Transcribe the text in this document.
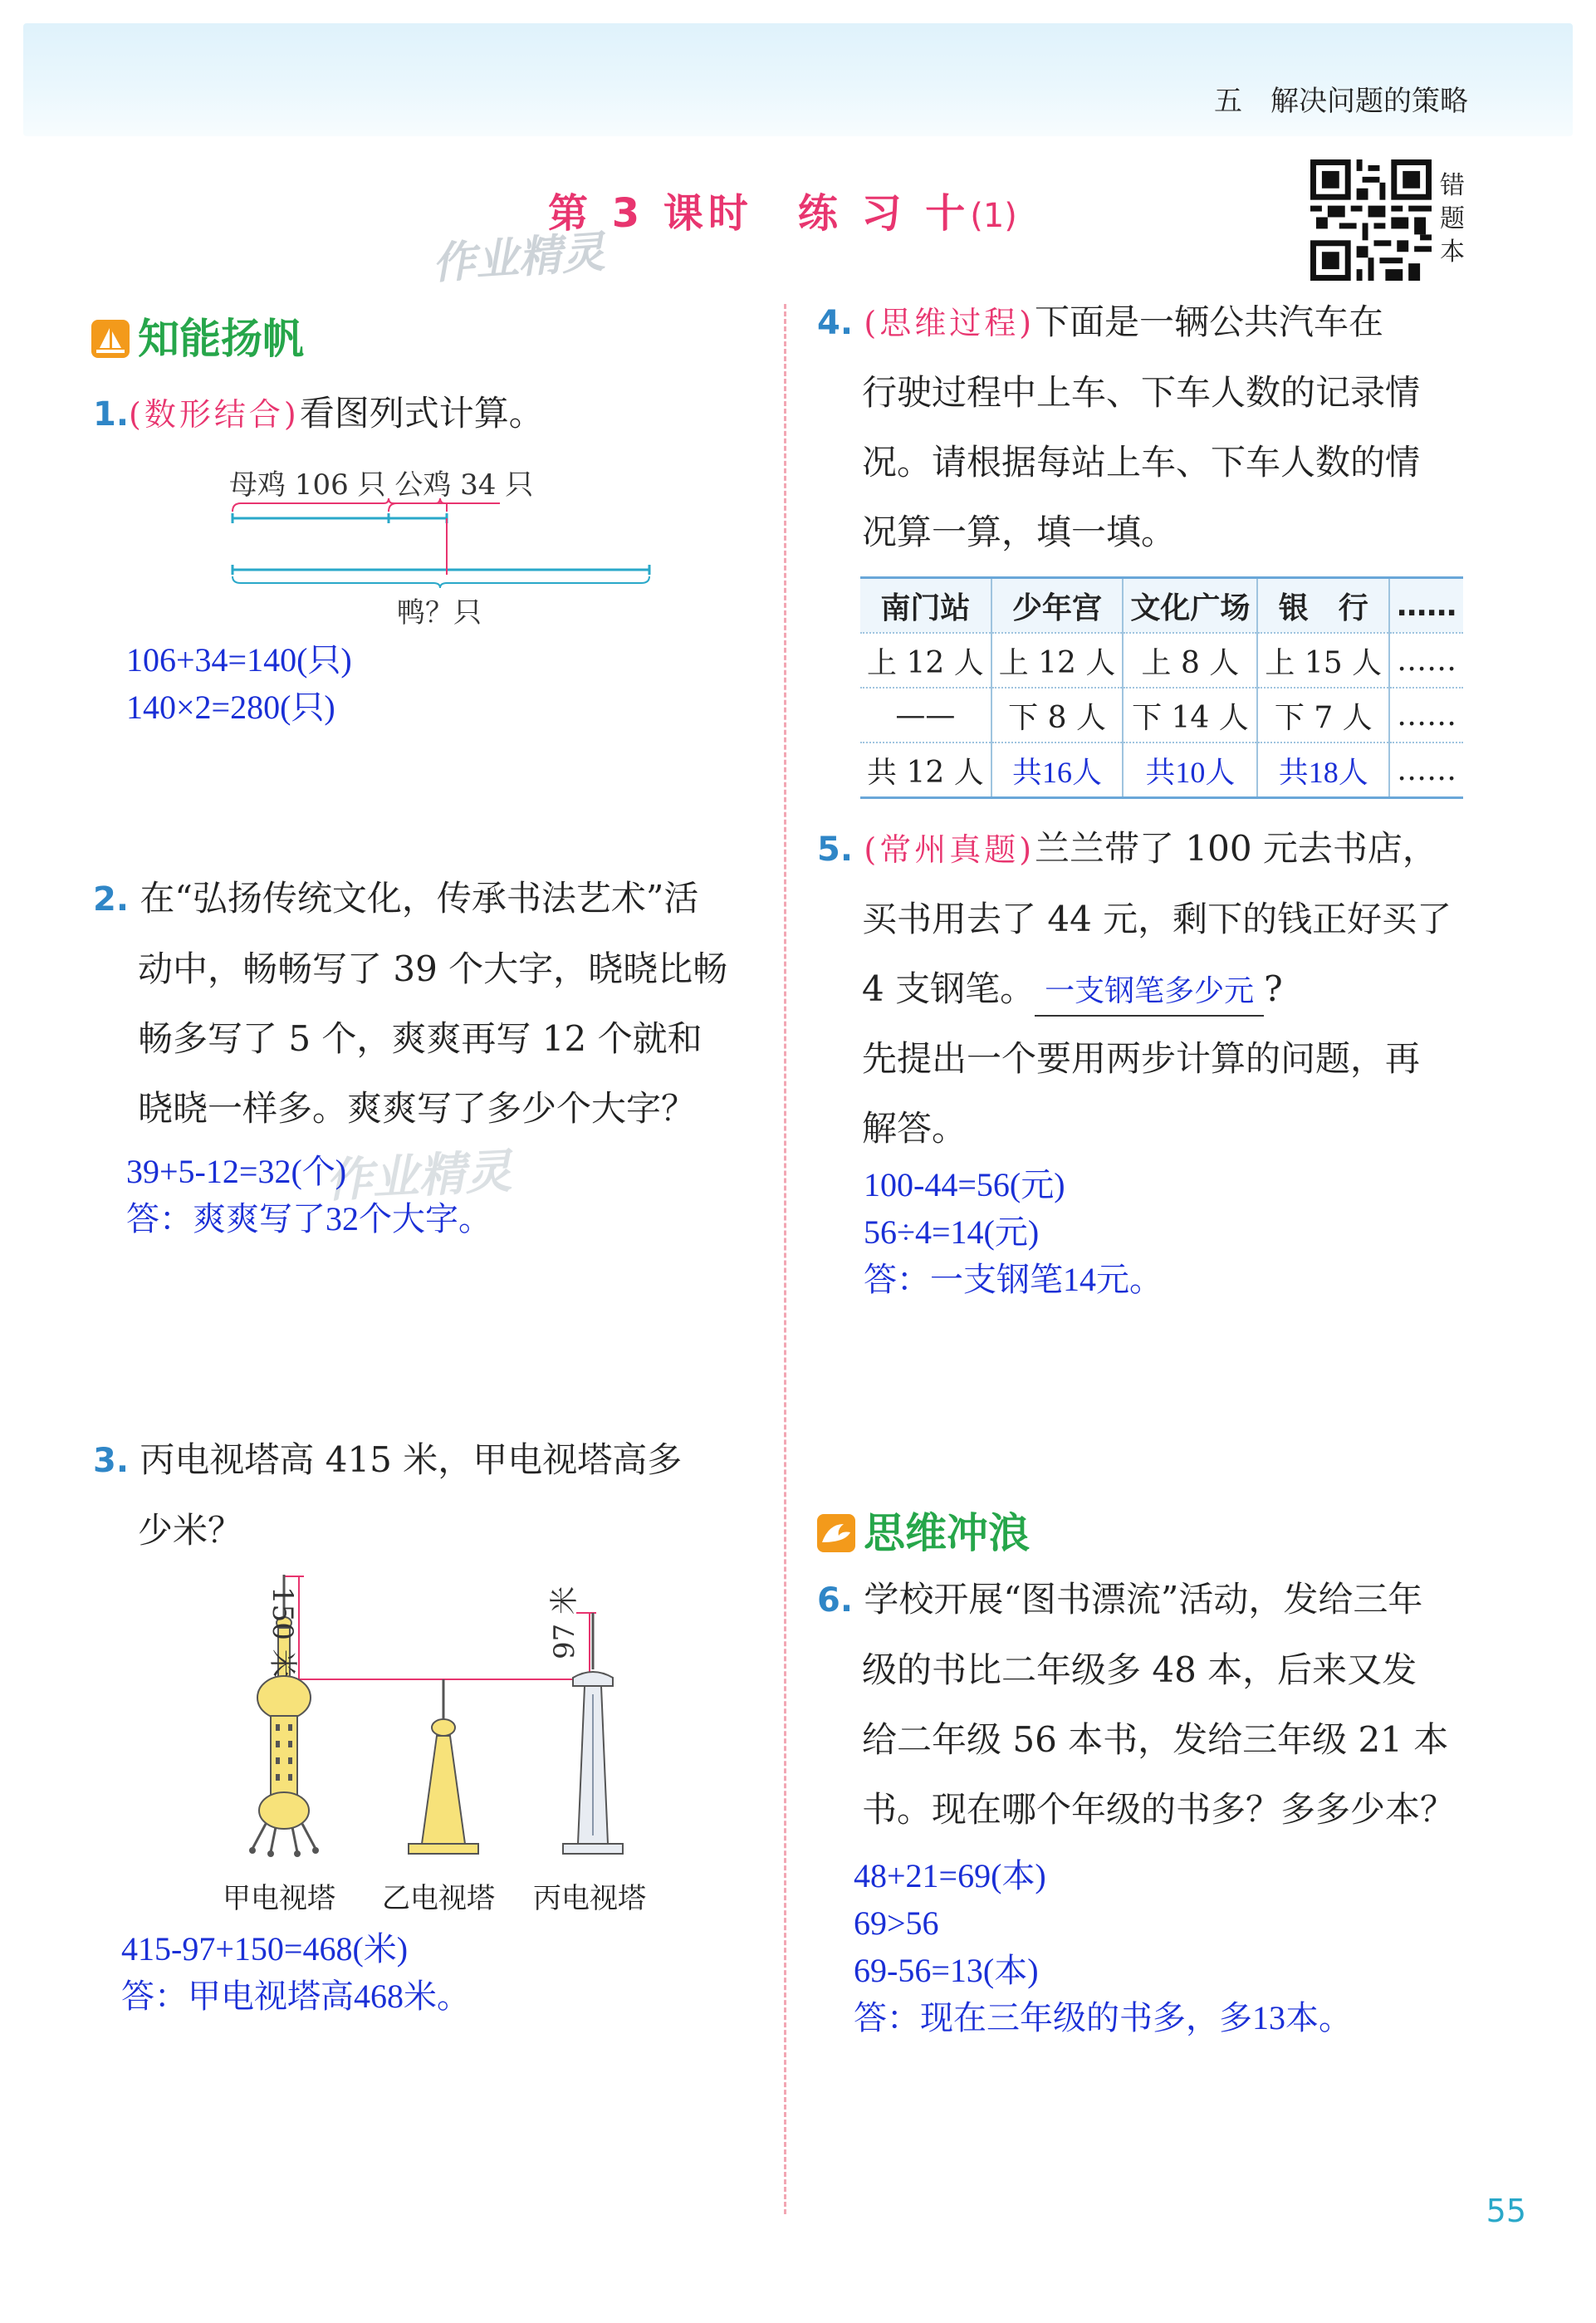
五　解决问题的策略
第 3 课时　练 习 十(1)
作业精灵
错
题
本
知能扬帆
1.(数形结合)看图列式计算。
母鸡 106 只 公鸡 34 只
鸭？只
106+34=140(只)
140×2=280(只)
2. 在“弘扬传统文化，传承书法艺术”活
动中，畅畅写了 39 个大字，晓晓比畅
畅多写了 5 个，爽爽再写 12 个就和
晓晓一样多。爽爽写了多少个大字？
作业精灵
39+5-12=32(个)
答：爽爽写了32个大字。
3. 丙电视塔高 415 米，甲电视塔高多
少米？
150 米	97 米
甲电视塔 乙电视塔 丙电视塔
415-97+150=468(米)
答：甲电视塔高468米。
4. (思维过程)下面是一辆公共汽车在
行驶过程中上车、下车人数的记录情
况。请根据每站上车、下车人数的情
况算一算，填一填。
南门站	少年宫	文化广场	银　行	……
上 12 人	上 12 人	上 8 人	上 15 人	……
——	下 8 人	下 14 人	下 7 人	……
共 12 人	共16人	共10人	共18人	……
5. (常州真题)兰兰带了 100 元去书店，
买书用去了 44 元，剩下的钱正好买了
4 支钢笔。 一支钢笔多少元 ?
先提出一个要用两步计算的问题，再
解答。
100-44=56(元)
56÷4=14(元)
答：一支钢笔14元。
思维冲浪
6. 学校开展“图书漂流”活动，发给三年
级的书比二年级多 48 本，后来又发
给二年级 56 本书，发给三年级 21 本
书。现在哪个年级的书多？多多少本？
48+21=69(本)
69>56
69-56=13(本)
答：现在三年级的书多，多13本。
55
